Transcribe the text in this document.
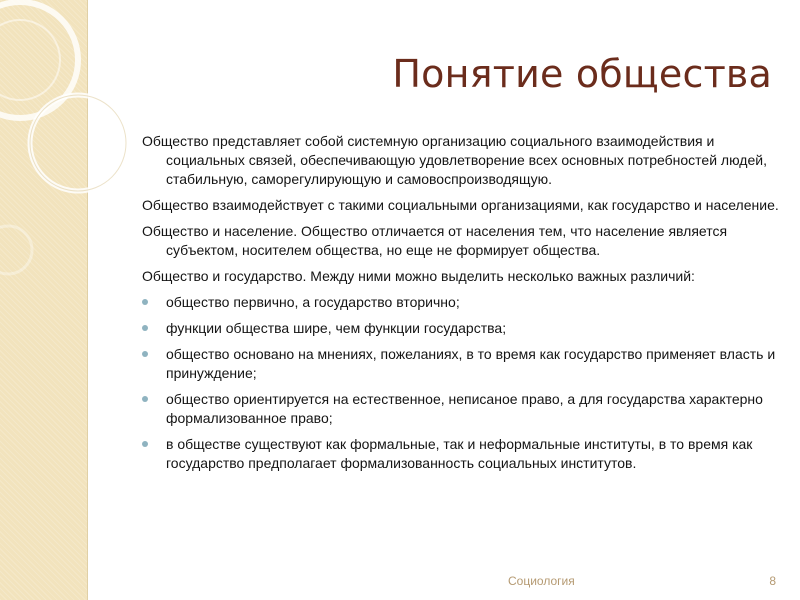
Понятие общества

Общество представляет собой системную организацию социального взаимодействия и социальных связей, обеспечивающую удовлетворение всех основных потребностей людей, стабильную, саморегулирующую и самовоспроизводящую.

Общество взаимодействует с такими социальными организациями, как государство и население.

Общество и население. Общество отличается от населения тем, что население является субъектом, носителем общества, но еще не формирует общества.

Общество и государство. Между ними можно выделить несколько важных различий:

общество первично, а государство вторично;
функции общества шире, чем функции государства;
общество основано на мнениях, пожеланиях, в то время как государство применяет власть и принуждение;
общество ориентируется на естественное, неписаное право, а для государства характерно формализованное право;
в обществе существуют как формальные, так и неформальные институты, в то время как государство предполагает формализованность социальных институтов.
Социология	8
